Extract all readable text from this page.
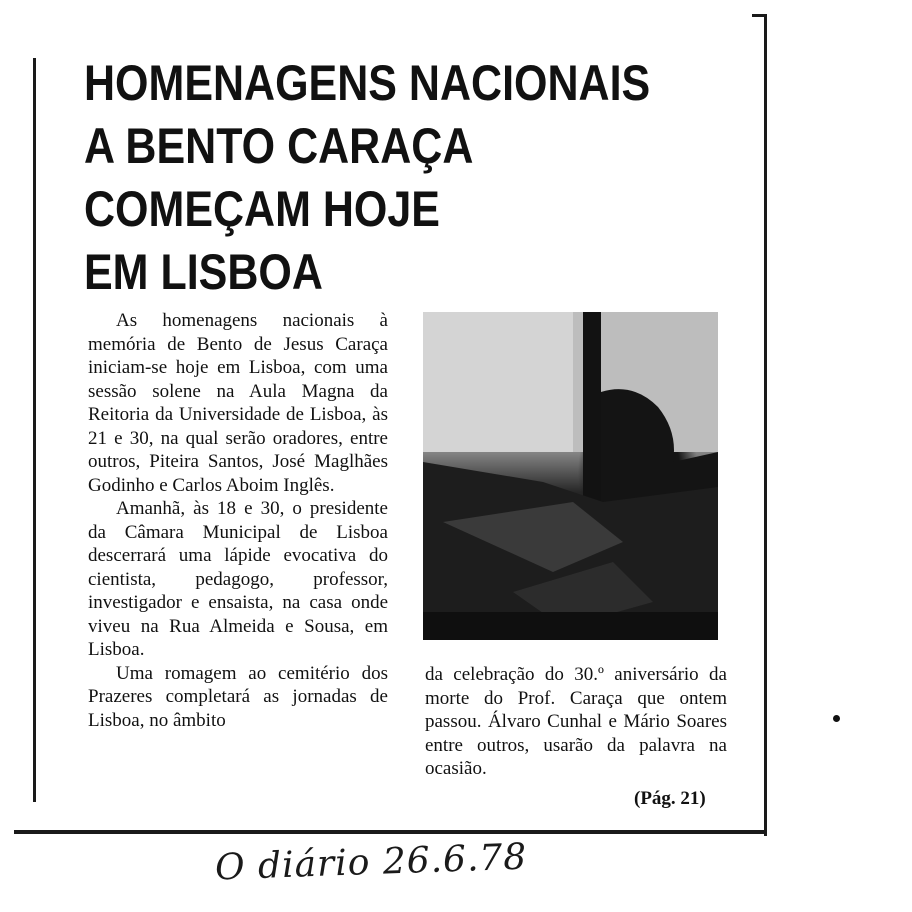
HOMENAGENS NACIONAIS
A BENTO CARAÇA
COMEÇAM HOJE
EM LISBOA

As homenagens nacionais à memória de Bento de Jesus Caraça iniciam-se hoje em Lisboa, com uma sessão solene na Aula Magna da Reitoria da Universidade de Lisboa, às 21 e 30, na qual serão oradores, entre outros, Piteira Santos, José Maglhães Godinho e Carlos Aboim Inglês.

Amanhã, às 18 e 30, o presidente da Câmara Municipal de Lisboa descerrará uma lápide evocativa do cientista, pedagogo, professor, investigador e ensaista, na casa onde viveu na Rua Almeida e Sousa, em Lisboa.

Uma romagem ao cemitério dos Prazeres completará as jornadas de Lisboa, no âmbito

da celebração do 30.º aniversário da morte do Prof. Caraça que ontem passou. Álvaro Cunhal e Mário Soares entre outros, usarão da palavra na ocasião.

(Pág. 21)
O diário 26.6.78
